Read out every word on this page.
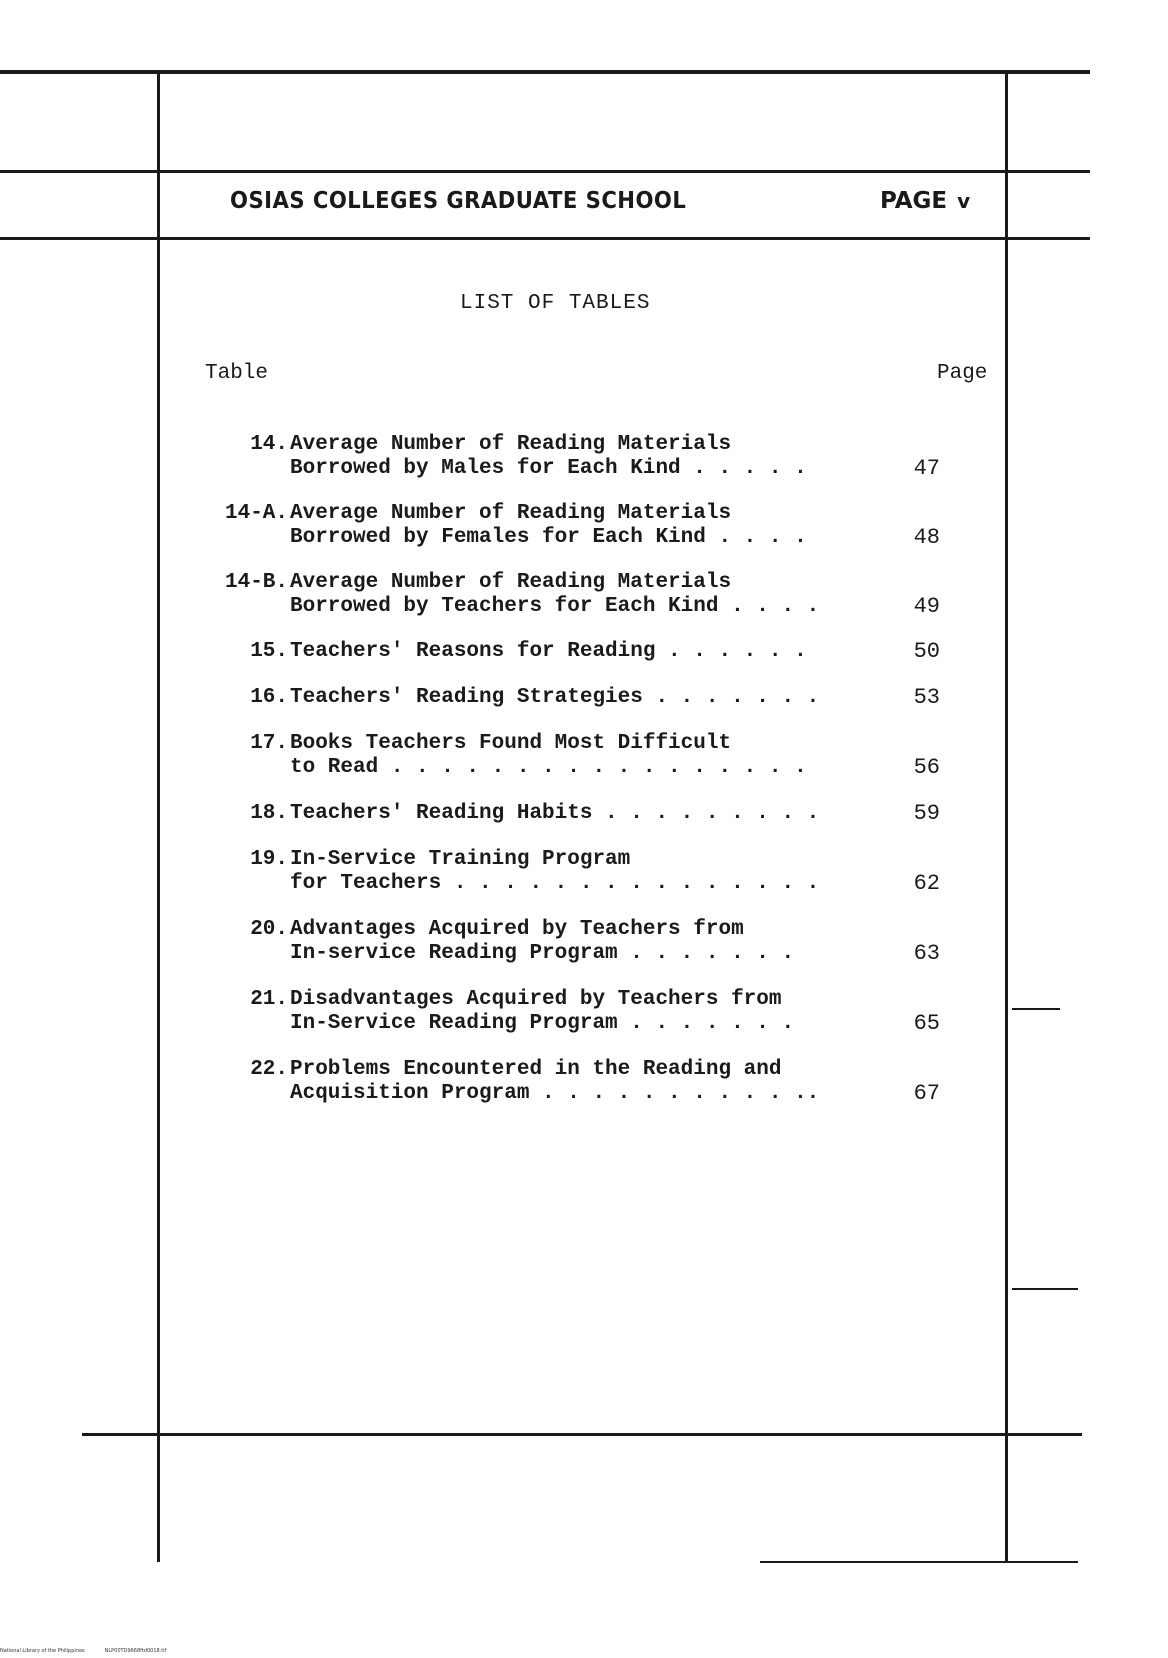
OSIAS COLLEGES GRADUATE SCHOOL	PAGE v
LIST OF TABLES
Table	Page
14. Average Number of Reading Materials
Borrowed by Males for Each Kind . . . . .	47
14-A. Average Number of Reading Materials
Borrowed by Females for Each Kind . . . .	48
14-B. Average Number of Reading Materials
Borrowed by Teachers for Each Kind . . . .	49
15. Teachers' Reasons for Reading . . . . . .	50
16. Teachers' Reading Strategies . . . . . . .	53
17. Books Teachers Found Most Difficult
to Read . . . . . . . . . . . . . . . . .	56
18. Teachers' Reading Habits . . . . . . . . .	59
19. In-Service Training Program
for Teachers . . . . . . . . . . . . . . .	62
20. Advantages Acquired by Teachers from
In-service Reading Program . . . . . . .	63
21. Disadvantages Acquired by Teachers from
In-Service Reading Program . . . . . . .	65
22. Problems Encountered in the Reading and
Acquisition Program . . . . . . . . . . ..	67
National Library of the Philippines	NLP00TD9668ftd0018.tif
